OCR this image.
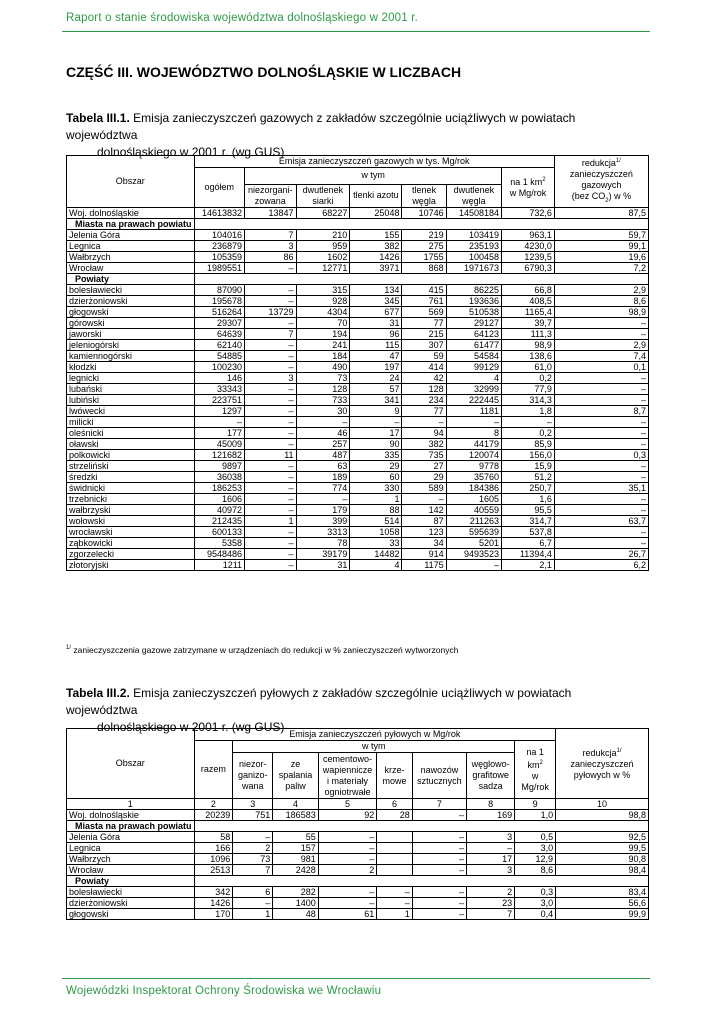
Raport o stanie środowiska województwa dolnośląskiego w 2001 r.
CZĘŚĆ III. WOJEWÓDZTWO DOLNOŚLĄSKIE W LICZBACH
Tabela III.1. Emisja zanieczyszczeń gazowych z zakładów szczególnie uciążliwych w powiatach województwa
dolnośląskiego w 2001 r. (wg GUS)
Obszar	Emisja zanieczyszczeń gazowych w tys. Mg/rok							redukcja$^{1/}$
zanieczyszczeń gazowych
(bez $CO_2$) w %
	ogółem	w tym					na 1 $km^2$
w Mg/rok	
		niezorgani-zowana	dwutlenek siarki	tlenki azotu	tlenek węgla	dwutlenek węgla		
Woj. dolnośląskie	14613832	13847	68227	25048	10746	14508184	732,6	87,5
Miasta na prawach powiatu								
Jelenia Góra	104016	7	210	155	219	103419	963,1	59,7
Legnica	236879	3	959	382	275	235193	4230,0	99,1
Wałbrzych	105359	86	1602	1426	1755	100458	1239,5	19,6
Wrocław	1989551	–	12771	3971	868	1971673	6790,3	7,2
Powiaty								
bolesławiecki	87090	–	315	134	415	86225	66,8	2,9
dzierżoniowski	195678	–	928	345	761	193636	408,5	8,6
głogowski	516264	13729	4304	677	569	510538	1165,4	98,9
górowski	29307	–	70	31	77	29127	39,7	–
jaworski	64639	7	194	96	215	64123	111,3	–
jeleniogórski	62140	–	241	115	307	61477	98,9	2,9
kamiennogórski	54885	–	184	47	59	54584	138,6	7,4
kłodzki	100230	–	490	197	414	99129	61,0	0,1
legnicki	146	3	73	24	42	4	0,2	–
lubański	33343	–	128	57	128	32999	77,9	–
lubiński	223751	–	733	341	234	222445	314,3	–
lwówecki	1297	–	30	9	77	1181	1,8	8,7
milicki	–	–	–	–	–	–	–	–
oleśnicki	177	–	46	17	94	8	0,2	–
oławski	45009	–	257	90	382	44179	85,9	–
polkowicki	121682	11	487	335	735	120074	156,0	0,3
strzeliński	9897	–	63	29	27	9778	15,9	–
średzki	36038	–	189	60	29	35760	51,2	–
świdnicki	186253	–	774	330	589	184386	250,7	35,1
trzebnicki	1606	–	–	1	–	1605	1,6	–
wałbrzyski	40972	–	179	88	142	40559	95,5	–
wołowski	212435	1	399	514	87	211263	314,7	63,7
wrocławski	600133	–	3313	1058	123	595639	537,8	–
ząbkowicki	5358	–	78	33	34	5201	6,7	–
zgorzelecki	9548486	–	39179	14482	914	9493523	11394,4	26,7
złotoryjski	1211	–	31	4	1175	–	2,1	6,2
$^{1/}$ zanieczyszczenia gazowe zatrzymane w urządzeniach do redukcji w % zanieczyszczeń wytworzonych
Tabela III.2. Emisja zanieczyszczeń pyłowych z zakładów szczególnie uciążliwych w powiatach województwa
dolnośląskiego w 2001 r. (wg GUS)
Obszar	Emisja zanieczyszczeń pyłowych w Mg/rok								redukcja$^{1/}$
zanieczyszczeń pyłowych w %
	razem	w tym						na 1
$km^2$
w Mg/rok	
		niezor-ganizo-wana	ze spalania paliw	cementowo-wapiennicze i materiały ogniotrwałe	krze-mowe	nawozów sztucznych	węglowo-grafitowe sadza		
1	2	3	4	5	6	7	8	9	10
Woj. dolnośląskie	20239	751	186583	92	28	–	169	1,0	98,8
Miasta na prawach powiatu									
Jelenia Góra	58	–	55	–		–	3	0,5	92,5
Legnica	166	2	157	–		–	–	3,0	99,5
Wałbrzych	1096	73	981	–		–	17	12,9	90,8
Wrocław	2513	7	2428	2		–	3	8,6	98,4
Powiaty									
bolesławiecki	342	6	282	–	–	–	2	0,3	83,4
dzierżoniowski	1426	–	1400	–	–	–	23	3,0	56,6
głogowski	170	1	48	61	1	–	7	0,4	99,9
Wojewódzki Inspektorat Ochrony Środowiska we Wrocławiu
